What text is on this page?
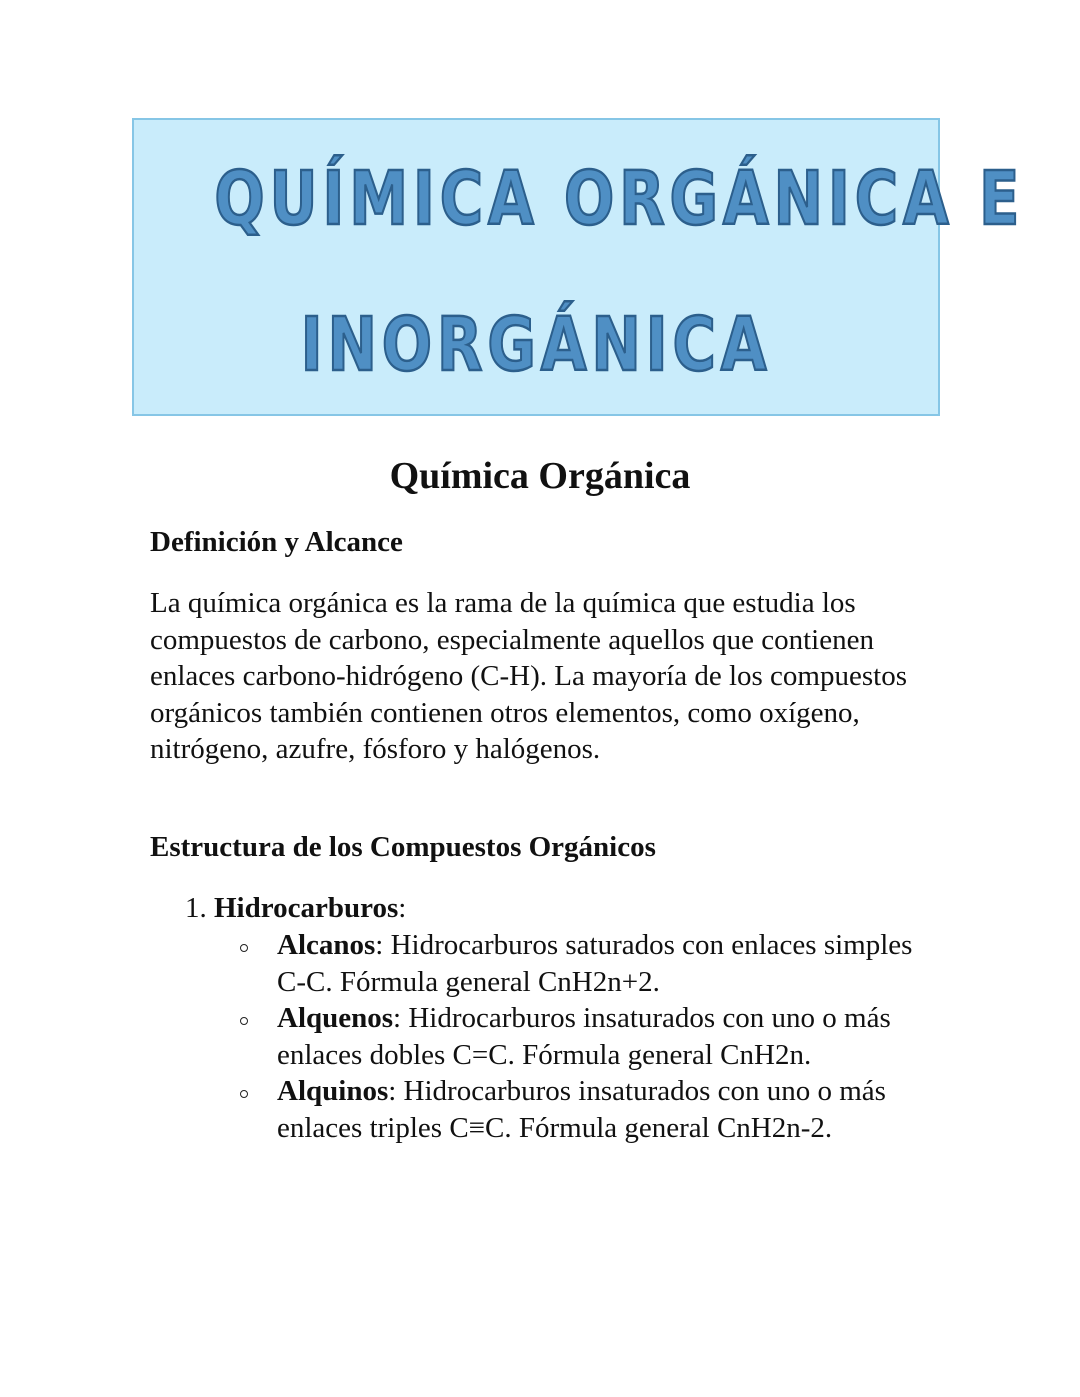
QUÍMICA ORGÁNICA E
INORGÁNICA
Química Orgánica
Definición y Alcance

La química orgánica es la rama de la química que estudia los compuestos de carbono, especialmente aquellos que contienen enlaces carbono-hidrógeno (C-H). La mayoría de los compuestos orgánicos también contienen otros elementos, como oxígeno, nitrógeno, azufre, fósforo y halógenos.

Estructura de los Compuestos Orgánicos
1. Hidrocarburos:
Alcanos: Hidrocarburos saturados con enlaces simples C-C. Fórmula general CnH2n+2.
Alquenos: Hidrocarburos insaturados con uno o más enlaces dobles C=C. Fórmula general CnH2n.
Alquinos: Hidrocarburos insaturados con uno o más enlaces triples C≡C. Fórmula general CnH2n-2.
